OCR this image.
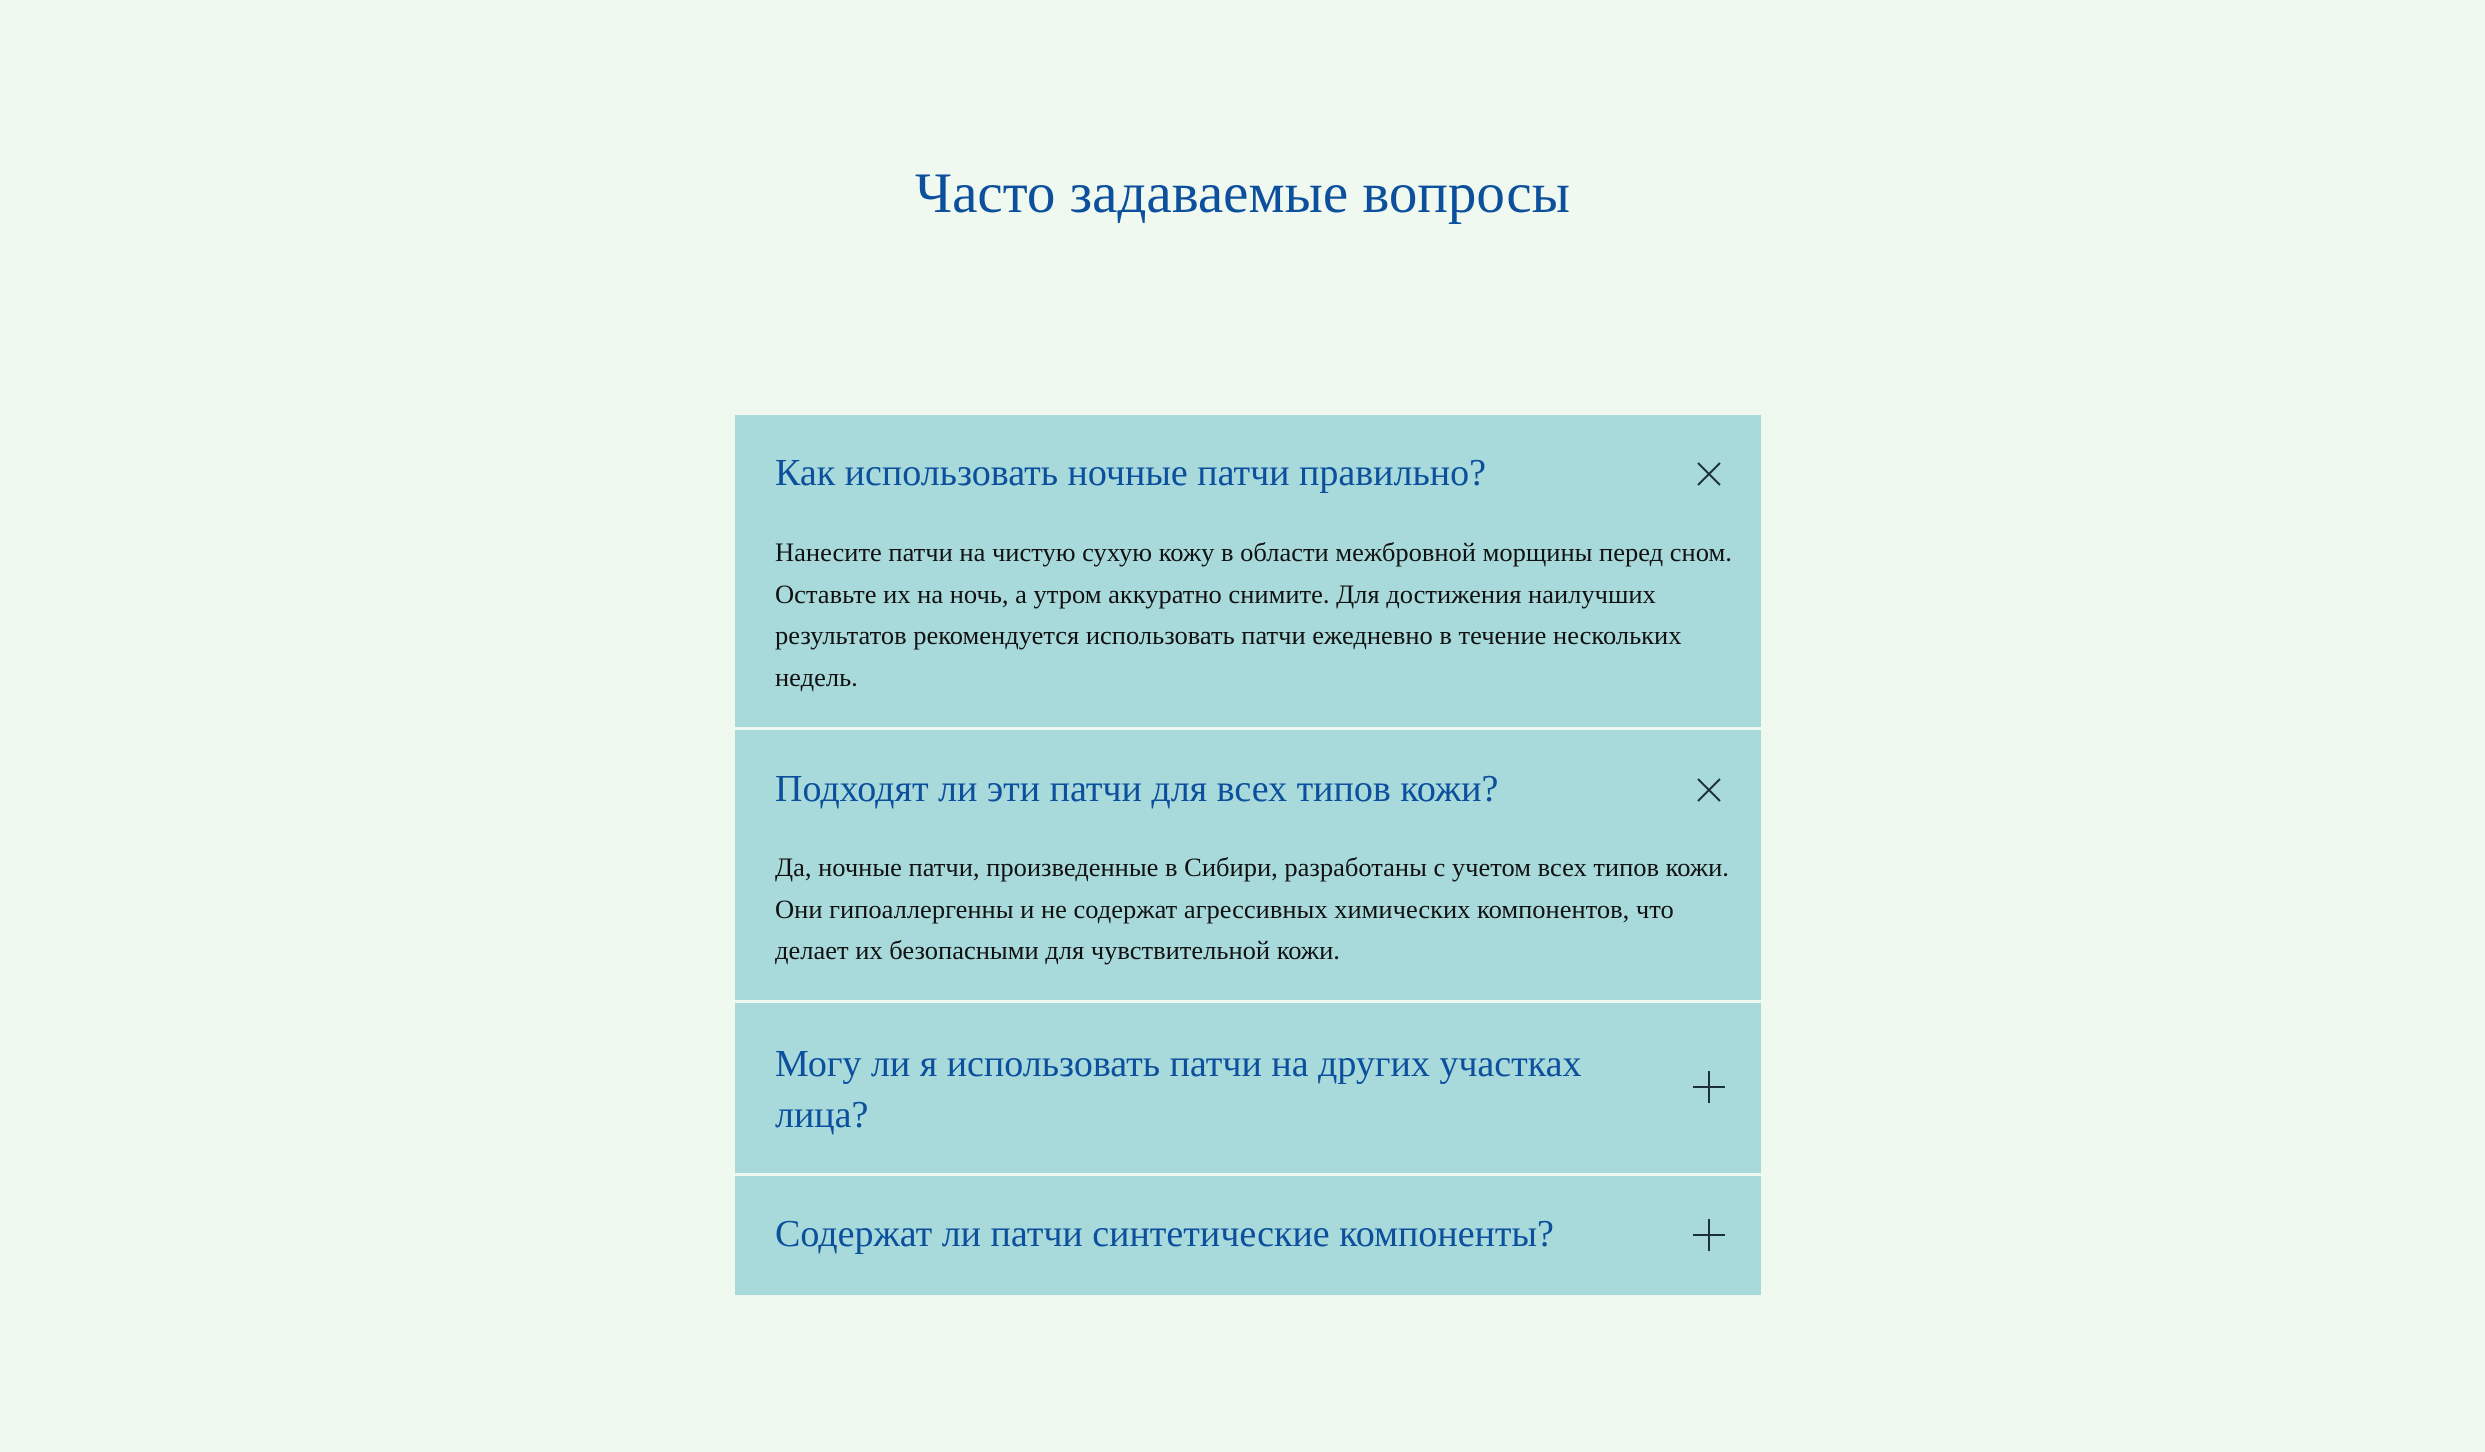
Часто задаваемые вопросы
Как использовать ночные патчи правильно?

Нанесите патчи на чистую сухую кожу в области межбровной морщины перед сном. Оставьте их на ночь, а утром аккуратно снимите. Для достижения наилучших результатов рекомендуется использовать патчи ежедневно в течение нескольких недель.

Подходят ли эти патчи для всех типов кожи?

Да, ночные патчи, произведенные в Сибири, разработаны с учетом всех типов кожи. Они гипоаллергенны и не содержат агрессивных химических компонентов, что делает их безопасными для чувствительной кожи.

Могу ли я использовать патчи на других участках лица?
Содержат ли патчи синтетические компоненты?
